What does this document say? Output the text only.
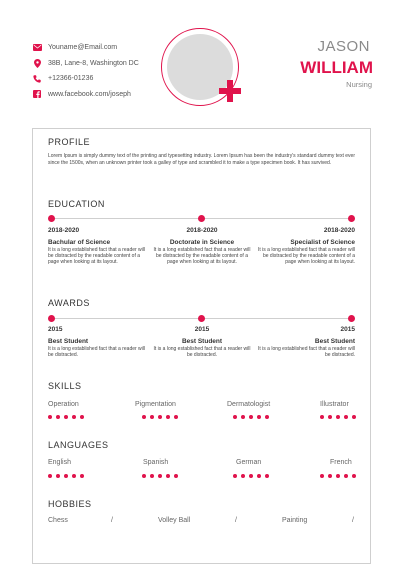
Youname@Email.com
38B, Lane-8, Washington DC
+12366-01236
www.facebook.com/joseph
JASON
WILLIAM
Nursing
PROFILE
Lorem Ipsum is simply dummy text of the printing and typesetting industry. Lorem Ipsum has been the industry's standard dummy text ever since the 1500s, when an unknown printer took a galley of type and scrambled it to make a type specimen book. It has survived.
EDUCATION
2018-2020
Bachular of Science
It is a long established fact that a reader will be distracted by the readable content of a page when looking at its layout.
2018-2020
Doctorate in Science
It is a long established fact that a reader will be distracted by the readable content of a page when looking at its layout.
2018-2020
Specialist of Science
It is a long established fact that a reader will be distracted by the readable content of a page when looking at its layout.
AWARDS
2015
Best Student
It is a long established fact that a reader will be distracted.
2015
Best Student
It is a long established fact that a reader will be distracted.
2015
Best Student
It is a long established fact that a reader will be distracted.
SKILLS
Operation	Pigmentation	Dermatologist	Illustrator
LANGUAGES
English	Spanish	German	French
HOBBIES
Chess	/	Volley Ball	/	Painting	/
